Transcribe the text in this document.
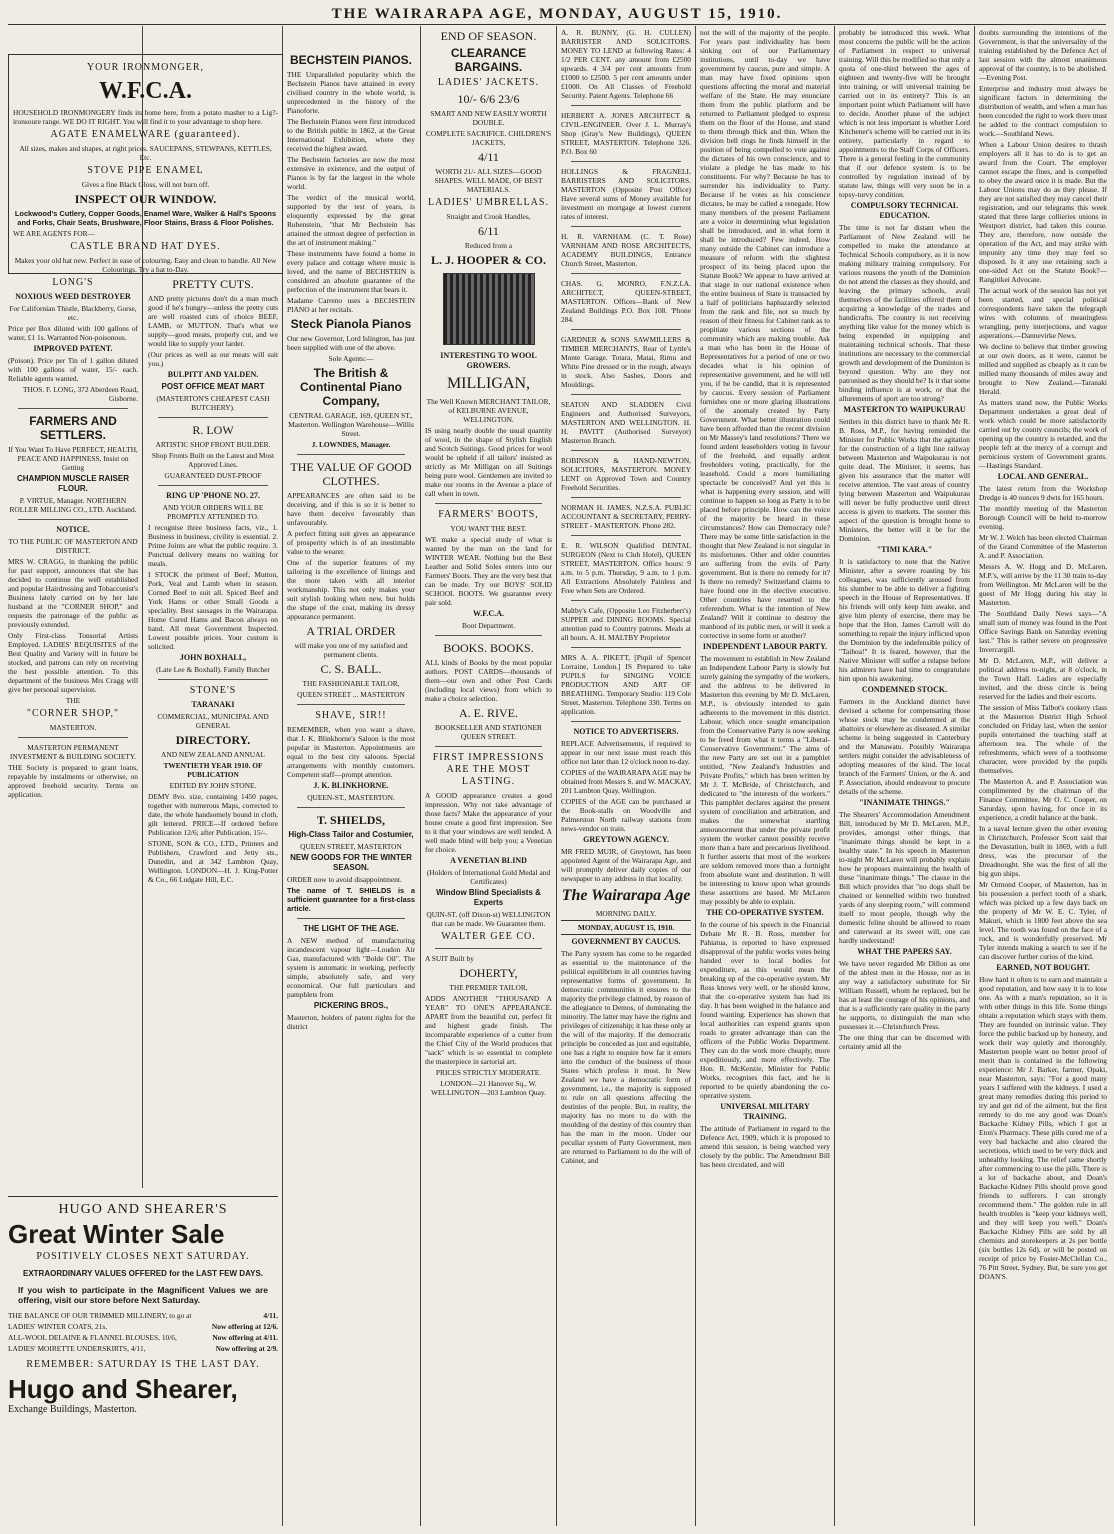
THE WAIRARAPA AGE, MONDAY, AUGUST 15, 1910.
YOUR IRONMONGER,
W.F.C.A.
HOUSEHOLD IRONMONGERY finds its home here, from a potato masher to a Lig?-ironsoure range. WE DO IT RIGHT. You will find it to your advantage to shop here.
AGATE ENAMELWARE (guaranteed).
All sizes, makes and shapes, at right prices. SAUCEPANS, STEWPANS, KETTLES, Etc.
STOVE PIPE ENAMEL
Gives a fine Black Gloss, will not burn off.
INSPECT OUR WINDOW.
Lockwood's Cutlery, Copper Goods, Enamel Ware, Walker & Hall's Spoons and Forks, Chair Seats, Brushware, Floor Stains, Brass & Floor Polishes.
WE ARE AGENTS FOR—
CASTLE BRAND HAT DYES.
Makes your old hat new. Perfect in ease of colouring. Easy and clean to handle. All New Colourings. Try a hat to-Day.
LONG'S
NOXIOUS WEED DESTROYER
For Californian Thistle, Blackberry, Gorse, etc.
Price per Box diluted with 100 gallons of water, £1 1s. Warranted Non-poisonous.
IMPROVED PATENT.
(Poison). Price per Tin of 1 gallon diluted with 100 gallons of water, 15/- each. Reliable agents wanted.
THOS. F. LONG, 372 Aberdeen Road, Gisborne.
FARMERS AND SETTLERS.
If You Want To Have PERFECT, HEALTH, PEACE AND HAPPINESS, Insist on Getting
CHAMPION MUSCLE RAISER FLOUR.
P. VIRTUE, Manager. NORTHERN ROLLER MILLING CO., LTD. Auckland.
NOTICE.
TO THE PUBLIC OF MASTERTON AND DISTRICT.
MRS W. CRAGG, in thanking the public for past support, announces that she has decided to continue the well established and popular Hairdressing and Tobacconist's Business lately carried on by her late husband at the "CORNER SHOP," and requests the patronage of the public as previously extended.
Only First-class Tonsorial Artists Employed. LADIES' REQUISITES of the Best Quality and Variety will in future be stocked, and patrons can rely on receiving the best possible attention. To this department of the business Mrs Cragg will give her personal supervision.
THE
"CORNER SHOP,"
MASTERTON.
MASTERTON PERMANENT INVESTMENT & BUILDING SOCIETY.
THE Society is prepared to grant loans, repayable by instalments or otherwise, on approved freehold security. Terms on application.
PRETTY CUTS.
AND pretty pictures don't do a man much good if he's hungry—unless the pretty cuts are well roasted cuts of choice BEEF, LAMB, or MUTTON. That's what we supply—good meats, properly cut, and we would like to supply your larder.
(Our prices as well as our meats will suit you.)
BULPITT AND YALDEN.
POST OFFICE MEAT MART
(MASTERTON'S CHEAPEST CASH BUTCHERY).
R. LOW
ARTISTIC SHOP FRONT BUILDER.
Shop Fronts Built on the Latest and Most Approved Lines.
GUARANTEED DUST-PROOF
RING UP 'PHONE NO. 27.
AND YOUR ORDERS WILL BE PROMPTLY ATTENDED TO.
I recognise three business facts, viz., 1. Business in business, civility is essential. 2. Prime Joints are what the public require. 3. Punctual delivery means no waiting for meals.
I STOCK the primest of Beef, Mutton, Pork, Veal and Lamb when in season. Corned Beef to suit all. Spiced Beef and York Hams or other Small Goods a speciality. Best sausages in the Wairarapa. Home Cured Hams and Bacon always on hand. All meat Government Inspected. Lowest possible prices. Your custom is solicited.
JOHN BOXHALL,
(Late Lee & Boxhall). Family Butcher
STONE'S
TARANAKI
COMMERCIAL, MUNICIPAL AND GENERAL
DIRECTORY.
AND NEW ZEALAND ANNUAL
TWENTIETH YEAR 1910. OF PUBLICATION
EDITED BY JOHN STONE.
DEMY 8vo. size, containing 1450 pages, together with numerous Maps, corrected to date, the whole handsomely bound in cloth, gilt lettered. PRICE—If ordered before Publication 12/6; after Publication, 15/-.
STONE, SON & CO., LTD., Printers and Publishers, Crawford and Jetty sts., Dunedin, and at 342 Lambton Quay, Wellington. LONDON—H. J. King-Potter & Co., 66 Ludgate Hill, E.C.
BECHSTEIN PIANOS.
THE Unparalleled popularity which the Bechstein Pianos have attained in every civilised country in the whole world, is unprecedented in the history of the Pianoforte.
The Bechstein Pianos were first introduced to the British public in 1862, at the Great International Exhibition, where they received the highest award.
The Bechstein factories are now the most extensive in existence, and the output of Pianos is by far the largest in the whole world.
The verdict of the musical world, supported by the test of years, is eloquently expressed by the great Rubenstein, "that Mr Bechstein has attained the utmost degree of perfection in the art of instrument making."
These instruments have found a home in every palace and cottage where music is loved, and the name of BECHSTEIN is considered an absolute guarantee of the perfection of the instrument that bears it.
Madame Carreno uses a BECHSTEIN PIANO at her recitals.
Steck Pianola Pianos
Our new Governor, Lord Islington, has just been supplied with one of the above.
Sole Agents:—
The British & Continental Piano Company,
CENTRAL GARAGE, 169, QUEEN ST., Masterton. Wellington Warehouse—Willis Street.
J. LOWNDES, Manager.
THE VALUE OF GOOD CLOTHES.
APPEARANCES are often said to be deceiving, and if this is so it is better to have them deceive favourably than unfavourably.
A perfect fitting suit gives an appearance of prosperity which is of an inestimable value to the wearer.
One of the superior features of my tailoring is the excellence of linings and the more taken with all interior workmanship. This not only makes your suit stylish looking when new, but holds the shape of the coat, making its dressy appearance permanent.
A TRIAL ORDER
will make you one of my satisfied and permanent clients.
C. S. BALL.
THE FASHIONABLE TAILOR,
QUEEN STREET ... MASTERTON
SHAVE, SIR!!
REMEMBER, when you want a shave, that J. K. Blinkhorne's Saloon is the most popular in Masterton. Appointments are equal to the best city saloons. Special arrangements with monthly customers. Competent staff—prompt attention.
J. K. BLINKHORNE.
QUEEN-ST., MASTERTON.
T. SHIELDS,
High-Class Tailor and Costumier,
QUEEN STREET, MASTERTON
NEW GOODS FOR THE WINTER SEASON.
ORDER now to avoid disappointment.
The name of T. SHIELDS is a sufficient guarantee for a first-class article.
THE LIGHT OF THE AGE.
A NEW method of manufacturing incandescent vapour light—Loudon Air Gas, manufactured with "Bolde Oil". The system is automatic in working, perfectly simple, absolutely safe, and very economical. Our full particulars and pamphlets from
PICKERING BROS.,
Masterton, holders of patent rights for the district
END OF SEASON.
CLEARANCE BARGAINS.
LADIES' JACKETS.
10/- 6/6 23/6
SMART AND NEW EASILY WORTH DOUBLE.
COMPLETE SACRIFICE. CHILDREN'S JACKETS,
4/11
WORTH 21/- ALL SIZES—GOOD SHAPES. WELL MADE, OF BEST MATERIALS.
LADIES' UMBRELLAS.
Straight and Crook Handles,
6/11
Reduced from a
L. J. HOOPER & CO.
INTERESTING TO WOOL GROWERS.
MILLIGAN,
The Well Known MERCHANT TAILOR, of KELBURNE AVENUE, WELLINGTON.
IS using nearly double the usual quantity of wool, in the shape of Stylish English and Scotch Suitings. Good prices for wool would be upheld if all tailors' insisted as strictly as Mr Milligan on all Suitings being pure wool. Gentlemen are invited to make our rooms in the Avenue a place of call when in town.
FARMERS' BOOTS,
YOU WANT THE BEST.
WE make a special study of what is wanted by the man on the land for WINTER WEAR. Nothing but the Best Leather and Solid Soles enters into our Farmers' Boots. They are the very best that can be made. Try our BOYS' SOLID SCHOOL BOOTS. We guarantee every pair sold.
W.F.C.A.
Boot Department.
BOOKS. BOOKS.
ALL kinds of Books by the most popular authors. POST CARDS—thousands of them—our own and other Post Cards (including local views) from which to make a choice selection.
A. E. RIVE.
BOOKSELLER AND STATIONER QUEEN STREET.
FIRST IMPRESSIONS ARE THE MOST LASTING.
A GOOD appearance creates a good impression. Why not take advantage of those facts? Make the appearance of your house create a good first impression. See to it that your windows are well tended. A well made blind will help you; a Venetian for choice.
A VENETIAN BLIND
(Holders of International Gold Medal and Certificates)
Window Blind Specialists & Experts
QUIN-ST. (off Dixon-st) WELLINGTON that can be made. We Guarantee them.
WALTER GEE CO.
A SUIT Built by
DOHERTY,
THE PREMIER TAILOR,
ADDS ANOTHER "THOUSAND A YEAR" TO ONE'S APPEARANCE. APART from the beautiful cut, perfect fit and highest grade finish. The incomparable experience of a cutter from the Chief City of the World produces that "sack" which is so essential to complete the masterpiece in sartorial art.
PRICES STRICTLY MODERATE.
LONDON—21 Hanover Sq., W. WELLINGTON—203 Lambton Quay.
A. R. BUNNY, (G. H. CULLEN) BARRISTER AND SOLICITORS. MONEY TO LEND at following Rates: 4 1/2 PER CENT. any amount from £2500 upwards. 4 3/4 per cent amounts from £1000 to £2500. 5 per cent amounts under £1000. On All Classes of Freehold Security. Patent Agents. Telephone 66
HERBERT A. JONES ARCHITECT & CIVIL-ENGINEER. Over J. L. Murray's Shop (Gray's New Buildings), QUEEN STREET, MASTERTON. Telephone 326. P.O. Box 60
HOLLINGS & FRAGNELL BARRISTERS AND SOLICITORS. MASTERTON (Opposite Post Office) Have several sums of Money available for investment on mortgage at lowest current rates of interest.
H. R. VARNHAM. (C. T. Rose) VARNHAM AND ROSE ARCHITECTS, ACADEMY BUILDINGS, Entrance Church Street, Masterton.
CHAS. G. MONRO, F.N.Z.I.A. ARCHITECT, QUEEN-STREET, MASTERTON. Offices—Bank of New Zealand Buildings P.O. Box 108. 'Phone 284.
GARDNER & SONS SAWMILLERS & TIMBER MERCHANTS, Rear of Lyttle's Monte Garage. Totara, Matai, Rimu and White Pine dressed or in the rough, always in stock. Also Sashes, Doors and Mouldings.
SEATON AND SLADDEN Civil Engineers and Authorised Surveyors, MASTERTON AND WELLINGTON. H. H. PAVITT (Authorised Surveyor) Masterton Branch.
ROBINSON & HAND-NEWTON, SOLICITORS, MASTERTON. MONEY LENT on Approved Town and Country Freehold Securities.
NORMAN H. JAMES, N.Z.S.A. PUBLIC ACCOUNTANT & SECRETARY, PERRY-STREET - MASTERTON. Phone 282.
E. R. WILSON Qualified DENTAL SURGEON (Next to Club Hotel), QUEEN STREET, MASTERTON. Office hours: 9 a.m. to 5 p.m. Thursday, 9 a.m. to 1 p.m. All Extractions Absolutely Painless and Free when Sets are Ordered.
Maltby's Cafe, (Opposite Leo Fitzherbert's) SUPPER and DINING ROOMS. Special attention paid to Country patrons. Meals at all hours. A. H. MALTBY Proprietor
MRS A. A. PIKETT, [Pupil of Spencer Lorraine, London.] IS Prepared to take PUPILS for SINGING VOICE PRODUCTION AND ART OF BREATHING. Temporary Studio: 119 Cole Street, Masterton. Telephone 330. Terms on application.
NOTICE TO ADVERTISERS.
REPLACE Advertisements, if required to appear in our next issue must reach this office not later than 12 o'clock noon to-day.
COPIES of the WAIRARAPA AGE may be obtained from Messrs S. and W. MACKAY, 201 Lambton Quay, Wellington.
COPIES of the AGE can be purchased at the Book-stalls on Woodville and Palmerston North railway stations from news-vendor on train.
GREYTOWN AGENCY.
MR FRED MUIR, of Greytown, has been appointed Agent of the Wairarapa Age, and will promptly deliver daily copies of our newspaper to any address in that locality.
The Wairarapa Age
MORNING DAILY.
MONDAY, AUGUST 15, 1910.
GOVERNMENT BY CAUCUS.
The Party system has come to be regarded as essential to the maintenance of the political equilibrium in all countries having representative forms of government. In democratic communities it ensures to the majority the privilege claimed, by reason of the allegiance to Demos, of dominating the minority. The latter may have the rights and privileges of citizenship; it has these only at the will of the majority. If the democratic principle be conceded as just and equitable, one has a right to enquire how far it enters into the conduct of the business of those States which profess it most. In New Zealand we have a democratic form of government, i.e., the majority is supposed to rule on all questions affecting the destinies of the people. But, in reality, the majority has no more to do with the moulding of the destiny of this country than has the man in the moon. Under our peculiar system of Party Government, men are returned to Parliament to do the will of Cabinet, and
not the will of the majority of the people. For years past individuality has been sinking out of our Parliamentary institutions, until to-day we have government by caucus, pure and simple. A man may have fixed opinions upon questions affecting the moral and material welfare of the State. He may enunciate them from the public platform and be returned to Parliament pledged to express them on the floor of the House, and stand to them through thick and thin. When the division bell rings he finds himself in the position of being compelled to vote against the dictates of his own conscience, and to violate a pledge he has made to his constituents. For why? Because he has to surrender his individuality to Party. Because if he votes as his conscience dictates, he may be called a renegade. How many members of the present Parliament are a voice in determining what legislation shall be introduced, and in what form it shall be introduced? Few indeed. How many outside the Cabinet can introduce a measure of reform with the slightest prospect of its being placed upon the Statute Book? We appear to have arrived at that stage in our national existence when the entire business of State is transacted by a half of politicians haphazardly selected from the rank and file, not so much by reason of their fitness for Cabinet rank as to propitiate various sections of the community which are making trouble. Ask a man who has been in the House of Representatives for a period of one or two decades what is his opinion of representative government, and he will tell you, if he be candid, that it is represented by caucus. Every session of Parliament furnishes one or more glaring illustrations of the anomaly created by Party Government. What better illustration could have been afforded than the recent division on Mr Massey's land resolutions? There we found ardent leaseholders voting in favour of the freehold, and equally ardent freeholders voting, practically, for the leasehold. Could a more humiliating spectacle be conceived? And yet this is what is happening every session, and will continue to happen so long as Party is to be placed before principle. How can the voice of the majority be heard in these circumstances? How can Democracy rule? There may be some little satisfaction in the thought that New Zealand is not singular in its misfortunes. Other and older countries are suffering from the evils of Party government. But is there no remedy for it? Is there no remedy? Switzerland claims to have found one in the elective executive. Other countries have resorted to the referendum. What is the intention of New Zealand? Will it continue to destroy the manhood of its public men, or will it seek a corrective in some form or another?
INDEPENDENT LABOUR PARTY.
The movement to establish in New Zealand an Independent Labour Party is slowly but surely gaining the sympathy of the workers, and the address to be delivered in Masterton this evening by Mr D. McLaren, M.P., is obviously intended to gain adherents to the movement in this district. Labour, which once sought emancipation from the Conservative Party is now seeking to be freed from what it terms a "Liberal-Conservative Government." The aims of the new Party are set out in a pamphlet entitled, "New Zealand's Industries and Private Profits," which has been written by Mr J. T. McBride, of Christchurch, and dedicated to "the interests of the workers." This pamphlet declares against the present system of conciliation and arbitration, and makes the somewhat startling announcement that under the private profit system the worker cannot possibly receive more than a bare and precarious livelihood. It further asserts that most of the workers are seldom removed more than a fortnight from absolute want and destitution. It will be interesting to know upon what grounds these assertions are based. Mr McLaren may possibly be able to explain.
THE CO-OPERATIVE SYSTEM.
In the course of his speech in the Financial Debate Mr R. B. Ross, member for Pahiatua, is reported to have expressed disapproval of the public works votes being handed over to local bodies for expenditure, as this would mean the breaking up of the co-operative system. Mr Ross knows very well, or he should know, that the co-operative system has had its day. It has been weighed in the balance and found wanting. Experience has shown that local authorities can expend grants upon roads to greater advantage than can the officers of the Public Works Department. They can do the work more cheaply, more expeditiously, and more effectively. The Hon. R. McKenzie, Minister for Public Works, recognises this fact, and he is reported to be quietly abandoning the co-operative system.
UNIVERSAL MILITARY TRAINING.
The attitude of Parliament in regard to the Defence Act, 1909, which it is proposed to amend this session, is being watched very closely by the public. The Amendment Bill has been circulated, and will
probably be introduced this week. What most concerns the public will be the action of Parliament in respect to universal training. Will this be modified so that only a quota of one-third between the ages of eighteen and twenty-five will be brought into training, or will universal training be carried out in its entirety? This is an important point which Parliament will have to decide. Another phase of the subject which is not less important is whether Lord Kitchener's scheme will be carried out in its entirety, particularly in regard to appointments to the Staff Corps of Officers. There is a general feeling in the community that if our defence system is to be controlled by regulation instead of by statute law, things will very soon be in a topsy-turvy condition.
COMPULSORY TECHNICAL EDUCATION.
The time is not far distant when the Parliament of New Zealand will be compelled to make the attendance at Technical Schools compulsory, as it is now making military training compulsory. For various reasons the youth of the Dominion do not attend the classes as they should, and leaving the primary schools, avail themselves of the facilities offered them of acquiring a knowledge of the trades and handicrafts. The country is not receiving anything like value for the money which is being expended in equipping and maintaining technical schools. That these institutions are necessary to the commercial growth and development of the Dominion is beyond question. Why are they not patronised as they should be? Is it that some binding influence is at work, or that the allurements of sport are too strong?
MASTERTON TO WAIPUKURAU
Settlers in this district have to thank Mr R. B. Ross, M.P., for having reminded the Minister for Public Works that the agitation for the construction of a light line railway between Masterton and Waipukurau is not quite dead. The Minister, it seems, has given his assurance that the matter will receive attention. The vast areas of country lying between Masterton and Waipukurau will never be fully productive until direct access is given to markets. The sooner this aspect of the question is brought home to Ministers, the better will it be for the Dominion.
"TIMI KARA."
It is satisfactory to note that the Native Minister, after a severe roasting by his colleagues, was sufficiently aroused from his slumber to be able to deliver a fighting speech in the House of Representatives. If his friends will only keep him awake, and give him plenty of exercise, there may be hope that the Hon. James Carroll will do something to repair the injury inflicted upon the Dominion by the indefensible policy of "Taihoa!" It is feared, however, that the Native Minister will suffer a relapse before his admirers have had time to congratulate him upon his awakening.
CONDEMNED STOCK.
Farmers in the Auckland district have devised a scheme for compensating those whose stock may be condemned at the abattoirs or elsewhere as diseased. A similar scheme is being suggested in Canterbury and the Manawatu. Possibly Wairarapa settlers might consider the advisableness of adopting measures of the kind. The local branch of the Farmers' Union, or the A. and P. Association, should endeavour to procure details of the scheme.
"INANIMATE THINGS."
The Shearers' Accommodation Amendment Bill, introduced by Mr D. McLaren, M.P., provides, amongst other things, that "inanimate things should be kept in a healthy state." In his speech in Masterton to-night Mr McLaren will probably explain how he proposes maintaining the health of these "inanimate things." The clause in the Bill which provides that "no dogs shall be chained or kennelled within two hundred yards of any sleeping room," will commend itself to most people, though why the domestic feline should be allowed to roam and caterwaul at its sweet will, one can hardly understand!
WHAT THE PAPERS SAY.
We have never regarded Mr Dillon as one of the ablest men in the House, nor as in any way a satisfactory substitute for Sir William Russell, whom he replaced, but he has at least the courage of his opinions, and that is a sufficiently rare quality in the party he supports, to distinguish the man who possesses it.—Christchurch Press.
The one thing that can be discerned with certainty amid all the
doubts surrounding the intentions of the Government, is that the universality of the training established by the Defence Act of last session with the almost unanimous approval of the country, is to be abolished.—Evening Post.
Enterprise and industry must always be significant factors in determining the distribution of wealth, and when a man has been conceded the right to work there must be added to the contract compulsion to work.—Southland News.
When a Labour Union desires to thrash employers all it has to do is to get an award from the Court. The employer cannot escape the fines, and is compelled to obey the award once it is made. But the Labour Unions may do as they please. If they are not satisfied they may cancel their registration, and our telegrams this week stated that three large collieries unions in Westport district, had taken this course. They are, therefore, now outside the operation of the Act, and may strike with impunity any time they may feel so disposed. Is it any use retaining such a one-sided Act on the Statute Book?—Rangitikei Advocate.
The actual work of the session has not yet been started, and special political correspondents have taken the telegraph wires with columns of meaningless wrangling, petty interjections, and vague asperations.—Dannevirke News.
We decline to believe that timber growing at our own doors, as it were, cannot be milled and supplied as cheaply as it can be milled many thousands of miles away and brought to New Zealand.—Taranaki Herald.
As matters stand now, the Public Works Department undertakes a great deal of work which could be more satisfactorily carried out by county councils; the work of opening up the country is retarded, and the people left at the mercy of a corrupt and pernicious system of Government grants.—Hastings Standard.
LOCAL AND GENERAL.
The latest return from the Workshop Dredge is 40 ounces 9 dwts for 165 hours.
The monthly meeting of the Masterton Borough Council will be held to-morrow evening.
Mr W. J. Welch has been elected Chairman of the Grand Committee of the Masterton A. and P. Association.
Messrs A. W. Hogg and D. McLaren, M.P.'s, will arrive by the 11 30 train to-day from Wellington. Mr McLaren will be the guest of Mr Hogg during his stay in Masterton.
The Southland Daily News says—"A small sum of money was found in the Post Office Savings Bank on Saturday evening last." This is rather severe on progressive Invercargill.
Mr D. McLaren, M.P., will deliver a political address to-night, at 8 o'clock, in the Town Hall. Ladies are especially invited, and the dress circle is being reserved for the ladies and their escorts.
The session of Miss Talbot's cookery class at the Masterton District High School concluded on Friday last, when the senior pupils entertained the teaching staff at afternoon tea. The whole of the refreshments, which were of a toothsome character, were provided by the pupils themselves.
The Masterton A. and P. Association was complimented by the chairman of the Finance Committee, Mr O. C. Cooper, on Saturday, upon having, for once in its experience, a credit balance at the bank.
In a naval lecture given the other evening in Christchurch, Professor Scott said that the Devastation, built in 1869, with a full dress, was the precursor of the Dreadnought. She was the first of all the big gun ships.
Mr Ormond Cooper, of Masterton, has in his possession a perfect tooth of a shark, which was picked up a few days back on the property of Mr W. E. C. Tyler, of Makuri, which is 1800 feet above the sea level. The tooth was found on the face of a rock, and is wonderfully preserved. Mr Tyler intends making a search to see if he can discover further curios of the kind.
EARNED, NOT BOUGHT.
How hard it often is to earn and maintain a good reputation, and how easy it is to lose one. As with a man's reputation, so it is with other things in this life. Some things obtain a reputation which stays with them. They are founded on intrinsic value. They force the public backed up by honesty, and work their way quietly and thoroughly. Masterton people want no better proof of merit than is contained in the following experience: Mr J. Barker, farmer, Opaki, near Masterton, says: "For a good many years I suffered with the kidneys. I used a great many remedies during this period to try and get rid of the ailment, but the first remedy to do me any good was Doan's Backache Kidney Pills, which I got at Eton's Pharmacy. These pills cured me of a very bad backache and also cleared the secretions, which used to be very thick and unhealthy looking. The relief came shortly after commencing to use the pills. There is a lot of backache about, and Doan's Backache Kidney Pills should prove good friends to sufferers. I can strongly recommend them." The golden rule in all health troubles is "keep your kidneys well, and they will keep you well." Doan's Backache Kidney Pills are sold by all chemists and storekeepers at 2s per bottle (six bottles 12s 6d), or will be posted on receipt of price by Foster-McClellan Co., 76 Pitt Street, Sydney. But, be sure you get DOAN'S.
HUGO AND SHEARER'S
Great Winter Sale
POSITIVELY CLOSES NEXT SATURDAY.
EXTRAORDINARY VALUES OFFERED for the LAST FEW DAYS.
If you wish to participate in the Magnificent Values we are offering, visit our store before Next Saturday.
THE BALANCE OF OUR TRIMMED MILLINERY, to go at	4/11.
LADIES' WINTER COATS, 21s,	Now offering at 12/6.
ALL-WOOL DELAINE & FLANNEL BLOUSES, 10/6,	Now offering at 4/11.
LADIES' MOIRETTE UNDERSKIRTS, 4/11,	Now offering at 2/9.
REMEMBER: SATURDAY IS THE LAST DAY.
Hugo and Shearer,
Exchange Buildings, Masterton.
